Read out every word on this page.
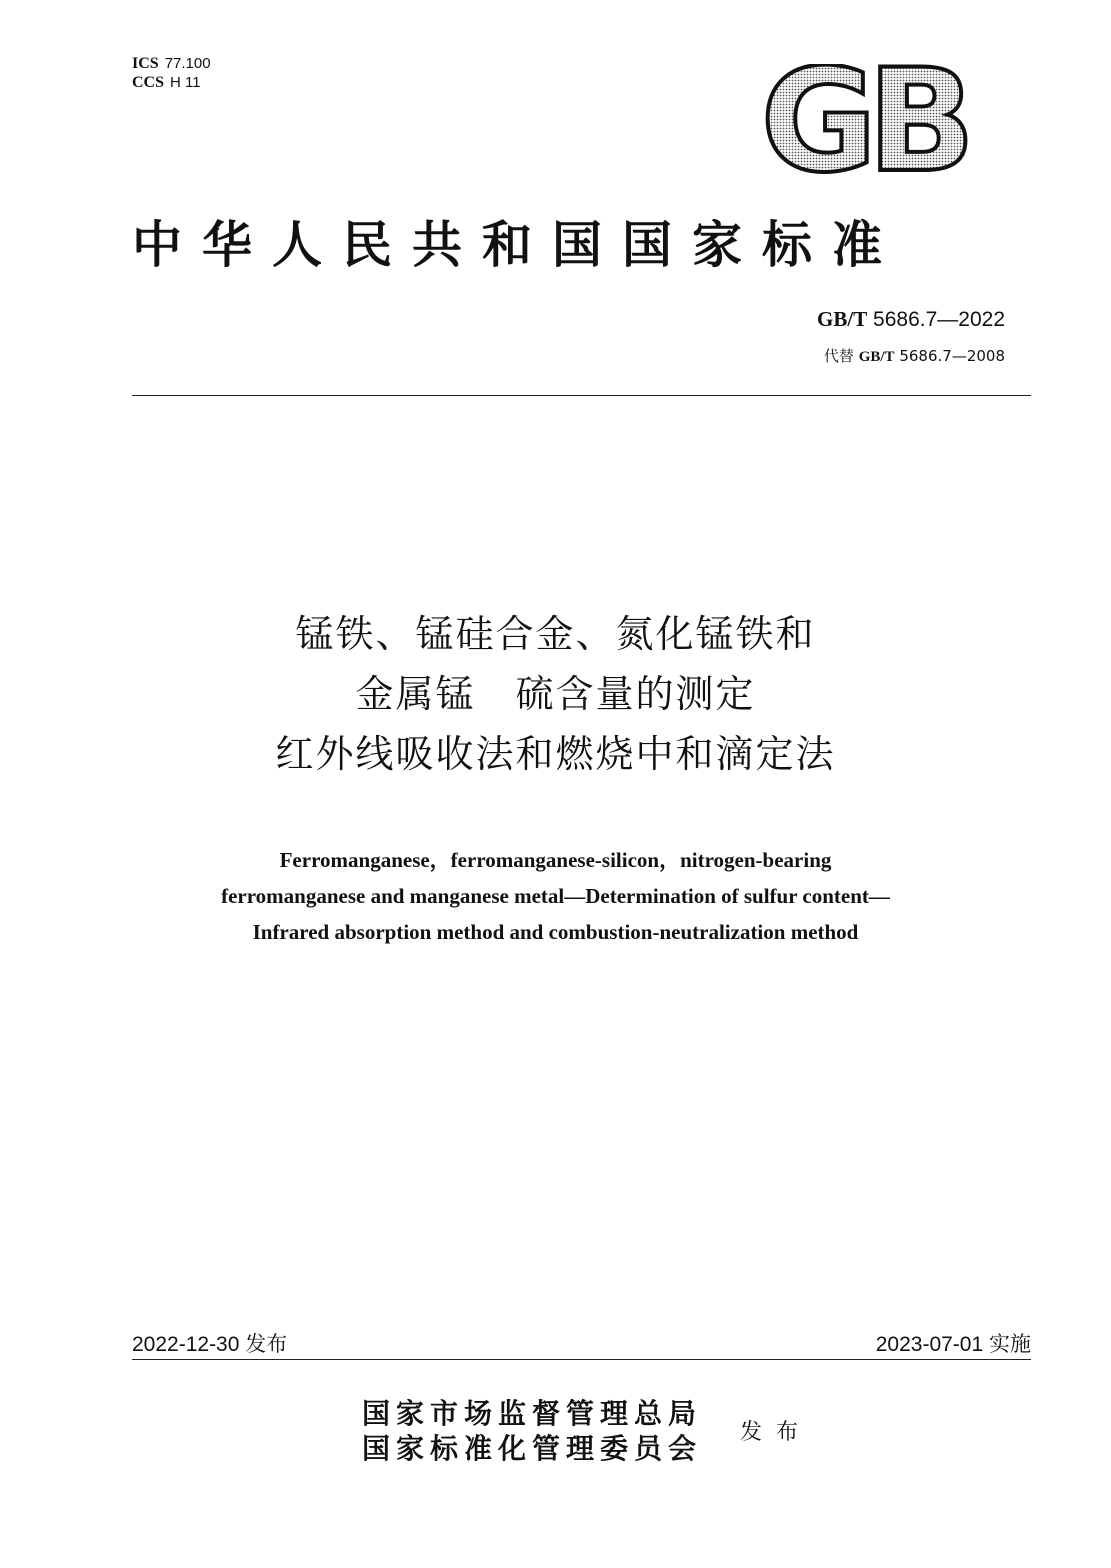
ICS 77.100
CCS H 11	GB
中华人民共和国国家标准
GB/T 5686.7—2022
代替 GB/T 5686.7—2008
锰铁、锰硅合金、氮化锰铁和
金属锰　硫含量的测定
红外线吸收法和燃烧中和滴定法
Ferromanganese，ferromanganese-silicon，nitrogen-bearing
ferromanganese and manganese metal—Determination of sulfur content—
Infrared absorption method and combustion-neutralization method
2022-12-30 发布	2023-07-01 实施
国家市场监督管理总局
国家标准化管理委员会 发布
